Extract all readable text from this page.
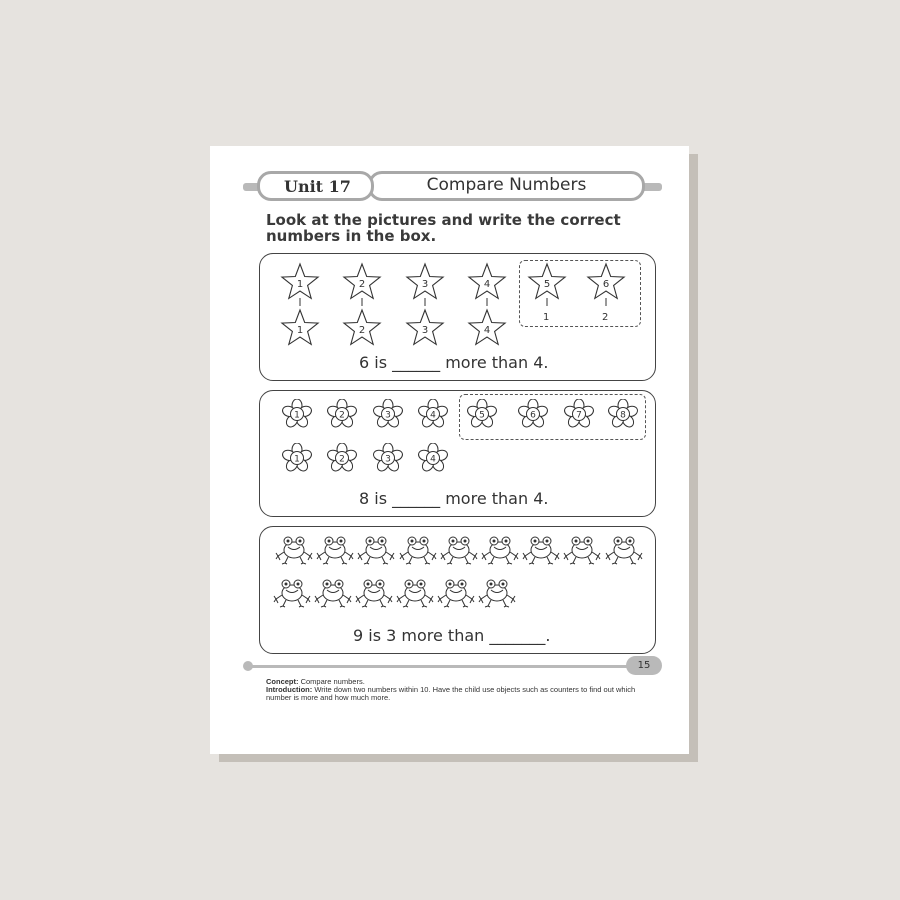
Unit 17	Compare Numbers
Look at the pictures and write the correct numbers in the box.
6 is ______ more than 4.
8 is ______ more than 4.
9 is 3 more than _______.
1	2	3	4
1	2	3	4
5	6
1	2
1	2	3	4
1	2	3	4
5	6	7	8
15
Concept: Compare numbers.
Introduction: Write down two numbers within 10. Have the child use objects such as counters to find out which number is more and how much more.
